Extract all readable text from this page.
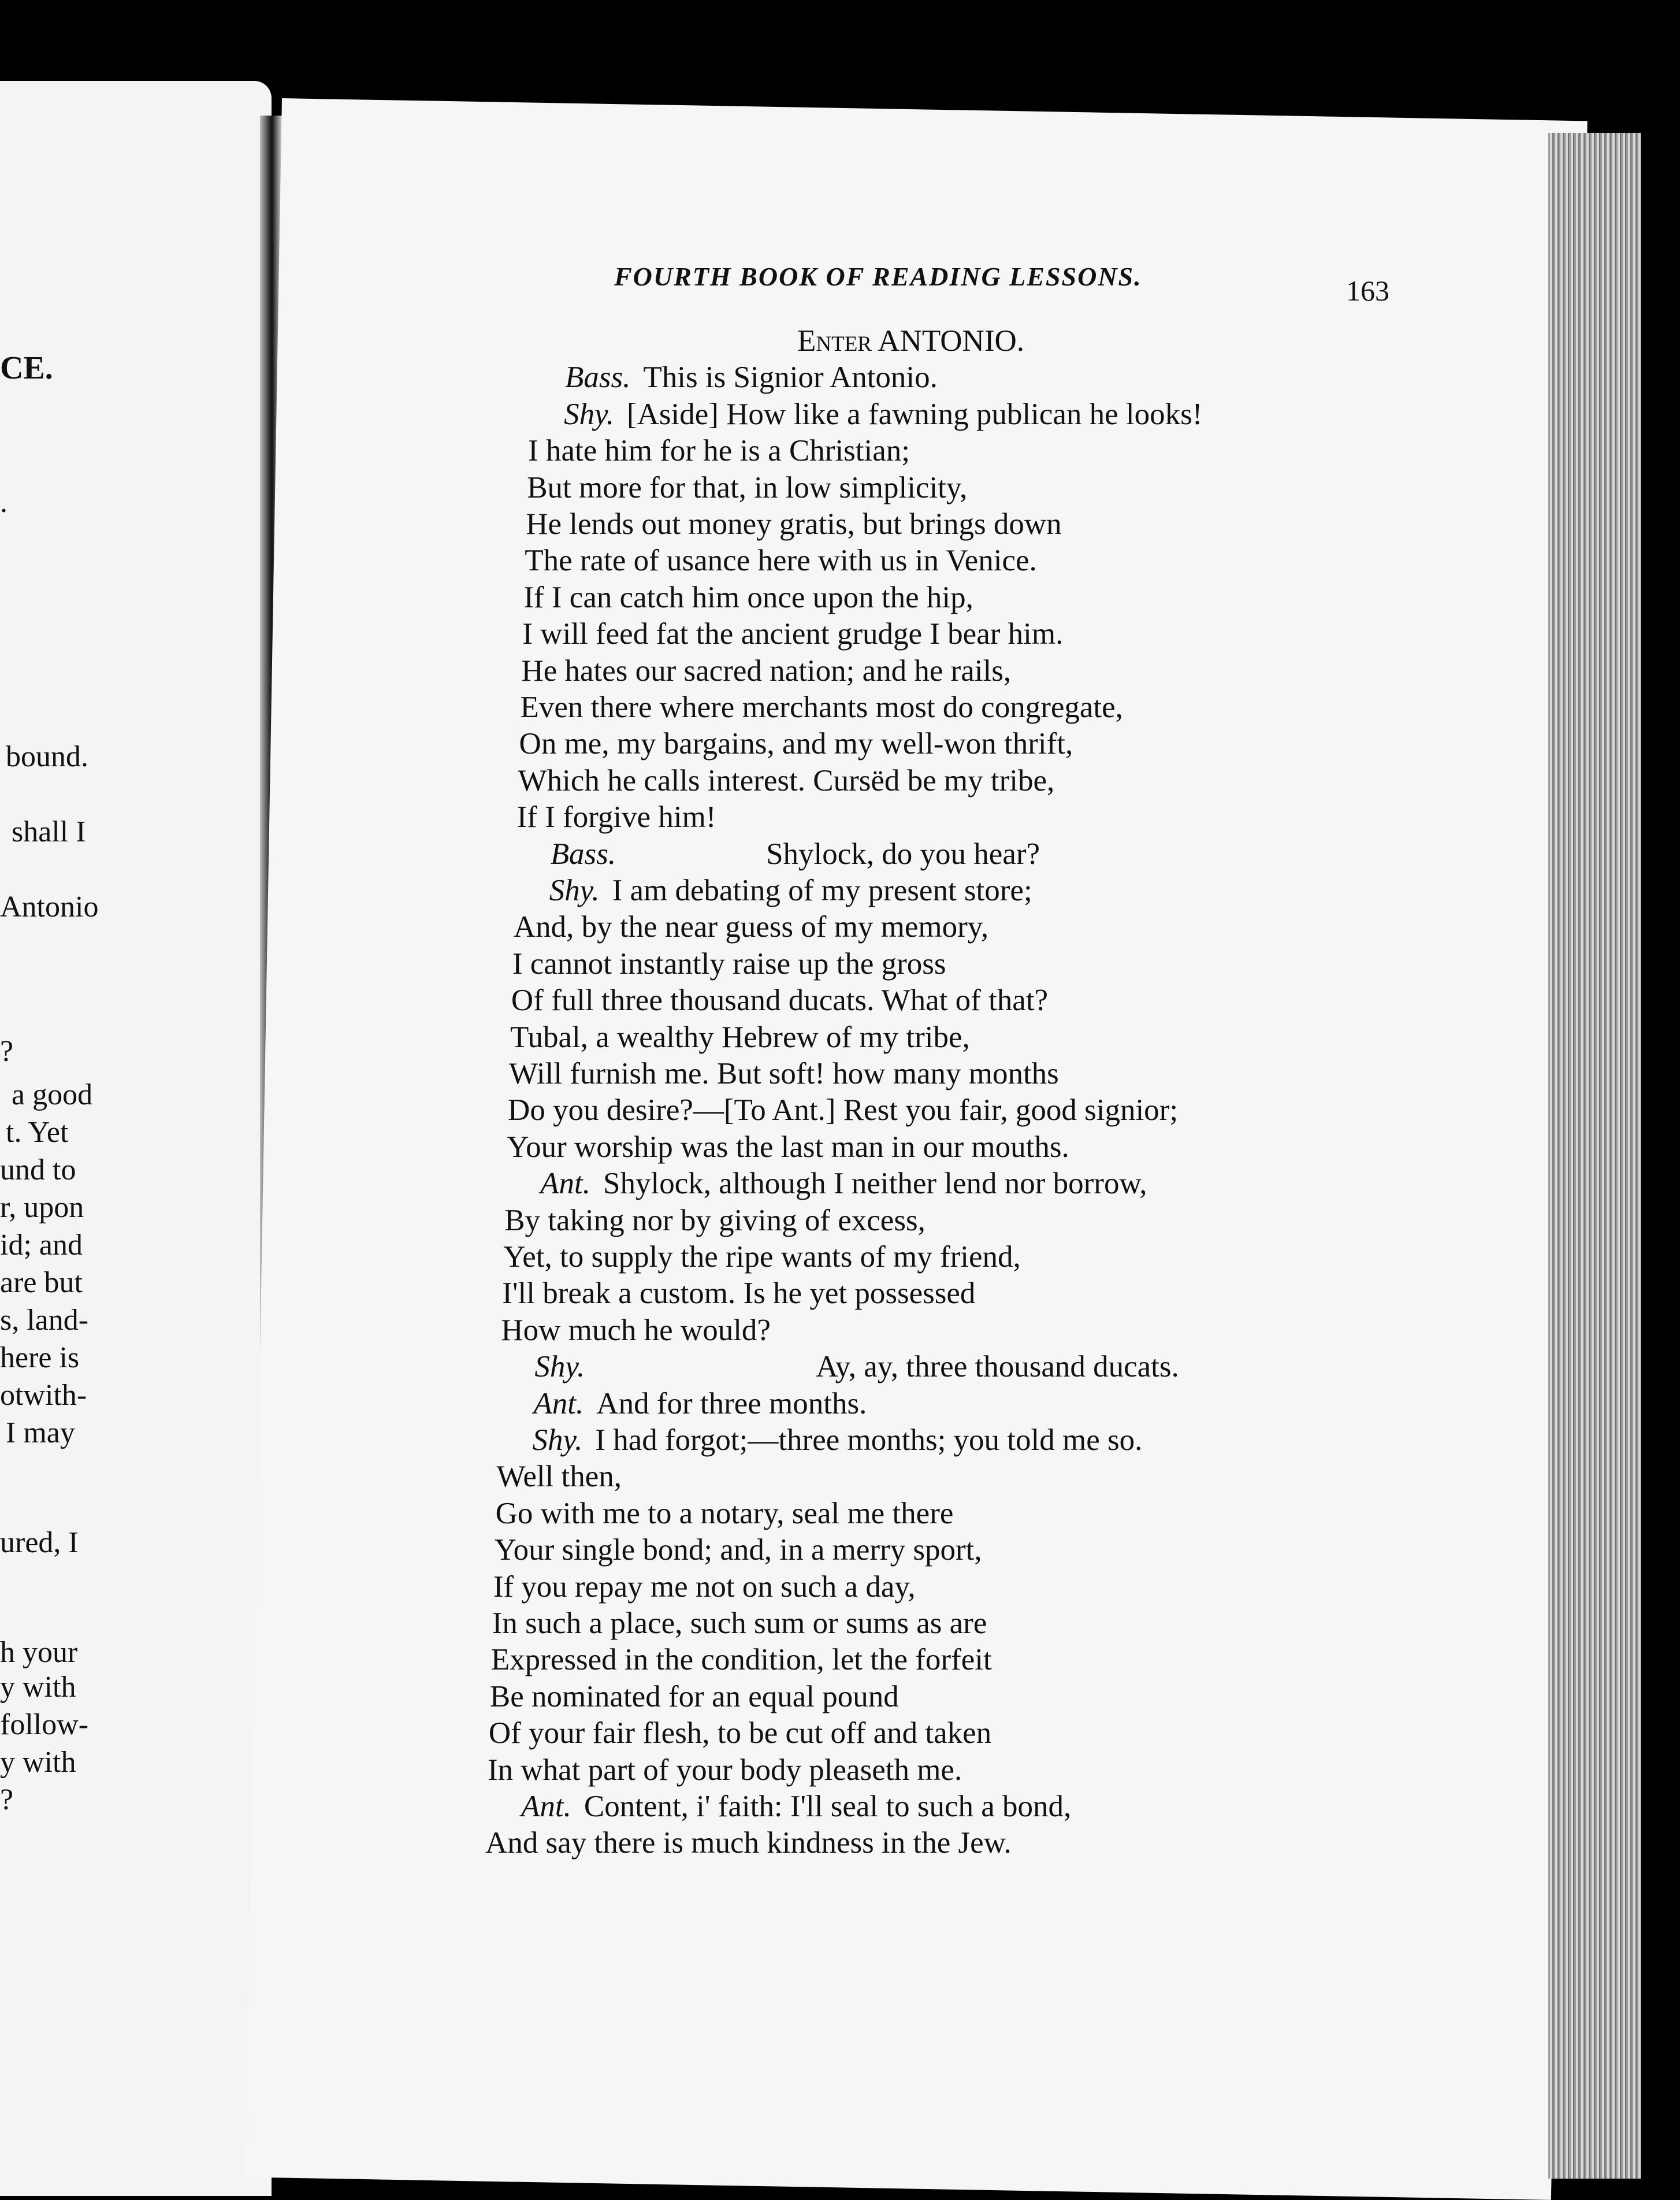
CE.
.
bound.
shall I
Antonio
?
a good
t. Yet
und to
r, upon
id; and
are but
s, land-
here is
otwith-
I may
ured, I
h your
y with
follow-
y with
?
FOURTH BOOK OF READING LESSONS.	163
Enter ANTONIO.
Bass. This is Signior Antonio.
Shy. [Aside] How like a fawning publican he looks!
I hate him for he is a Christian;
But more for that, in low simplicity,
He lends out money gratis, but brings down
The rate of usance here with us in Venice.
If I can catch him once upon the hip,
I will feed fat the ancient grudge I bear him.
He hates our sacred nation; and he rails,
Even there where merchants most do congregate,
On me, my bargains, and my well-won thrift,
Which he calls interest. Cursëd be my tribe,
If I forgive him!
Bass.	Shylock, do you hear?
Shy. I am debating of my present store;
And, by the near guess of my memory,
I cannot instantly raise up the gross
Of full three thousand ducats. What of that?
Tubal, a wealthy Hebrew of my tribe,
Will furnish me. But soft! how many months
Do you desire?—[To Ant.] Rest you fair, good signior;
Your worship was the last man in our mouths.
Ant. Shylock, although I neither lend nor borrow,
By taking nor by giving of excess,
Yet, to supply the ripe wants of my friend,
I'll break a custom. Is he yet possessed
How much he would?
Shy.	Ay, ay, three thousand ducats.
Ant. And for three months.
Shy. I had forgot;—three months; you told me so.
Well then,
Go with me to a notary, seal me there
Your single bond; and, in a merry sport,
If you repay me not on such a day,
In such a place, such sum or sums as are
Expressed in the condition, let the forfeit
Be nominated for an equal pound
Of your fair flesh, to be cut off and taken
In what part of your body pleaseth me.
Ant. Content, i' faith: I'll seal to such a bond,
And say there is much kindness in the Jew.
